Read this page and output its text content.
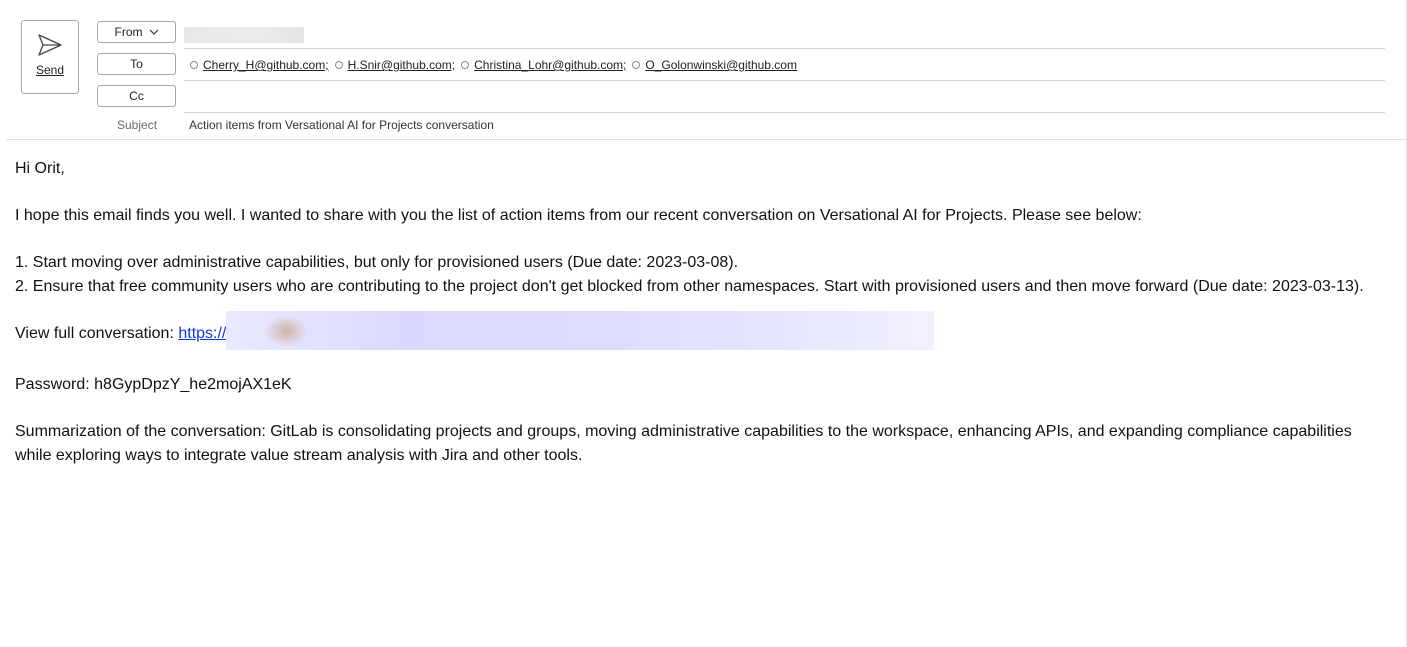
Send
From
To	Cherry_H@github.com; H.Snir@github.com; Christina_Lohr@github.com; O_Golonwinski@github.com
Cc
Subject	Action items from Versational AI for Projects conversation

Hi Orit,

I hope this email finds you well. I wanted to share with you the list of action items from our recent conversation on Versational AI for Projects. Please see below:

1. Start moving over administrative capabilities, but only for provisioned users (Due date: 2023-03-08).

2. Ensure that free community users who are contributing to the project don't get blocked from other namespaces. Start with provisioned users and then move forward (Due date: 2023-03-13).

View full conversation: https://

Password: h8GypDpzY_he2mojAX1eK

Summarization of the conversation: GitLab is consolidating projects and groups, moving administrative capabilities to the workspace, enhancing APIs, and expanding compliance capabilities while exploring ways to integrate value stream analysis with Jira and other tools.
